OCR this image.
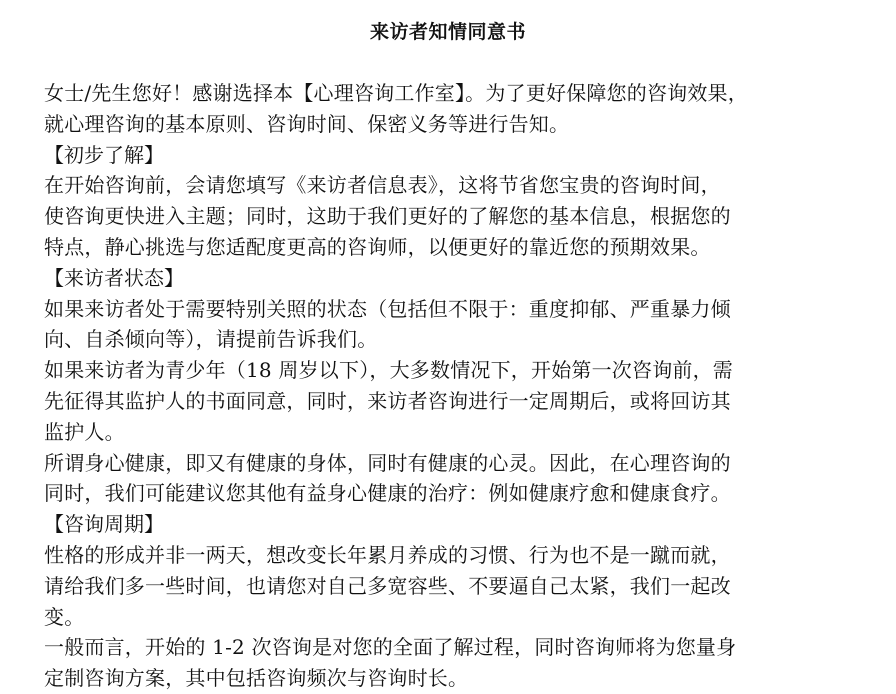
来访者知情同意书

女士/先生您好！感谢选择本【心理咨询工作室】。为了更好保障您的咨询效果，

就心理咨询的基本原则、咨询时间、保密义务等进行告知。

【初步了解】

在开始咨询前，会请您填写《来访者信息表》，这将节省您宝贵的咨询时间，

使咨询更快进入主题；同时，这助于我们更好的了解您的基本信息，根据您的

特点，静心挑选与您适配度更高的咨询师，以便更好的靠近您的预期效果。

【来访者状态】

如果来访者处于需要特别关照的状态（包括但不限于：重度抑郁、严重暴力倾

向、自杀倾向等），请提前告诉我们。

如果来访者为青少年（18 周岁以下），大多数情况下，开始第一次咨询前，需

先征得其监护人的书面同意，同时，来访者咨询进行一定周期后，或将回访其

监护人。

所谓身心健康，即又有健康的身体，同时有健康的心灵。因此，在心理咨询的

同时，我们可能建议您其他有益身心健康的治疗：例如健康疗愈和健康食疗。

【咨询周期】

性格的形成并非一两天，想改变长年累月养成的习惯、行为也不是一蹴而就，

请给我们多一些时间，也请您对自己多宽容些、不要逼自己太紧，我们一起改

变。

一般而言，开始的 1-2 次咨询是对您的全面了解过程，同时咨询师将为您量身

定制咨询方案，其中包括咨询频次与咨询时长。
